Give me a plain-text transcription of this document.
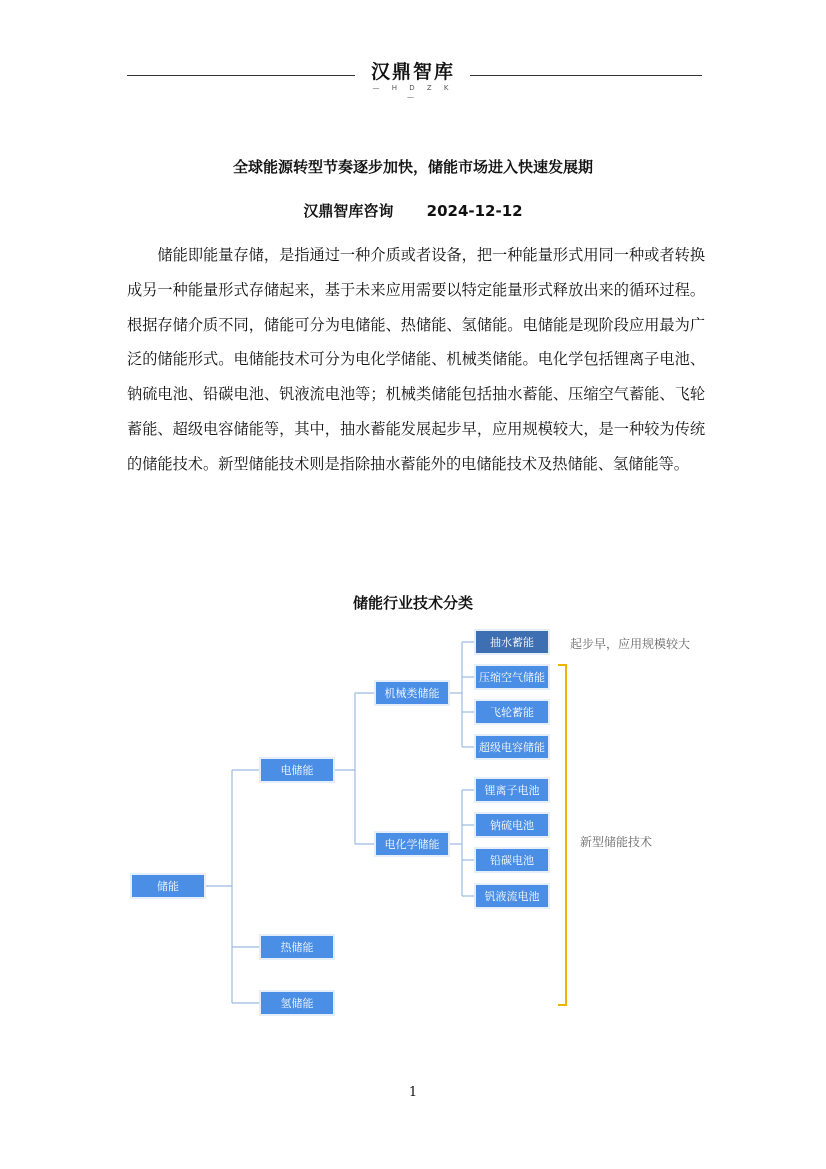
汉鼎智库
— H D Z K —
全球能源转型节奏逐步加快，储能市场进入快速发展期
汉鼎智库咨询 2024-12-12

储能即能量存储，是指通过一种介质或者设备，把一种能量形式用同一种或者转换成另一种能量形式存储起来，基于未来应用需要以特定能量形式释放出来的循环过程。根据存储介质不同，储能可分为电储能、热储能、氢储能。电储能是现阶段应用最为广泛的储能形式。电储能技术可分为电化学储能、机械类储能。电化学包括锂离子电池、钠硫电池、铅碳电池、钒液流电池等；机械类储能包括抽水蓄能、压缩空气蓄能、飞轮蓄能、超级电容储能等，其中，抽水蓄能发展起步早，应用规模较大，是一种较为传统的储能技术。新型储能技术则是指除抽水蓄能外的电储能技术及热储能、氢储能等。

储能行业技术分类
储能
电储能
热储能
氢储能
机械类储能
电化学储能
抽水蓄能
压缩空气储能
飞轮蓄能
超级电容储能
锂离子电池
钠硫电池
铅碳电池
钒液流电池
起步早，应用规模较大
新型储能技术
1
